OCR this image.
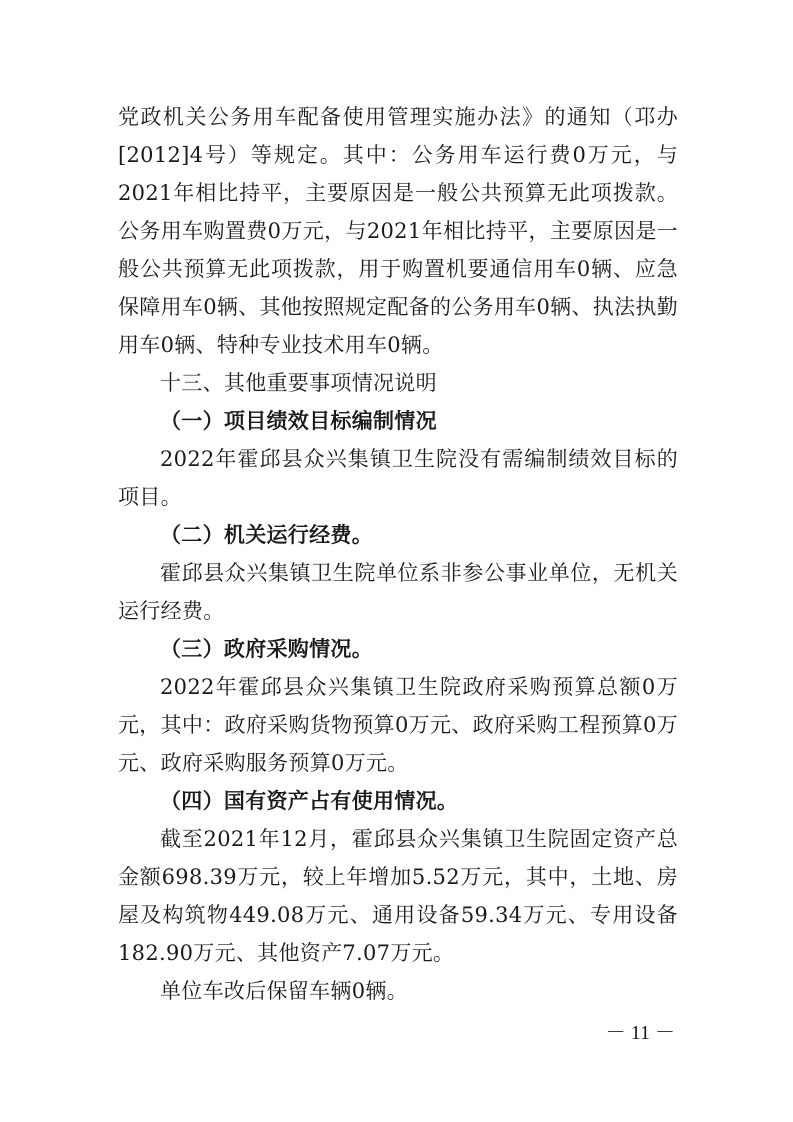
党政机关公务用车配备使用管理实施办法》的通知（邛办[2012]4号）等规定。其中：公务用车运行费0万元，与2021年相比持平，主要原因是一般公共预算无此项拨款。公务用车购置费0万元，与2021年相比持平，主要原因是一般公共预算无此项拨款，用于购置机要通信用车0辆、应急保障用车0辆、其他按照规定配备的公务用车0辆、执法执勤用车0辆、特种专业技术用车0辆。

十三、其他重要事项情况说明

（一）项目绩效目标编制情况

2022年霍邱县众兴集镇卫生院没有需编制绩效目标的项目。

（二）机关运行经费。

霍邱县众兴集镇卫生院单位系非参公事业单位，无机关运行经费。

（三）政府采购情况。

2022年霍邱县众兴集镇卫生院政府采购预算总额0万元，其中：政府采购货物预算0万元、政府采购工程预算0万元、政府采购服务预算0万元。

（四）国有资产占有使用情况。

截至2021年12月，霍邱县众兴集镇卫生院固定资产总金额698.39万元，较上年增加5.52万元，其中，土地、房屋及构筑物449.08万元、通用设备59.34万元、专用设备182.90万元、其他资产7.07万元。

单位车改后保留车辆0辆。

－ 11 －
